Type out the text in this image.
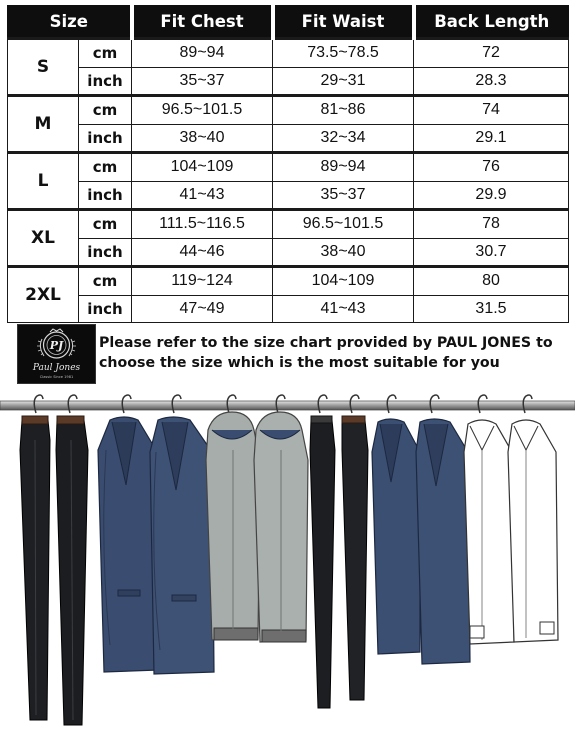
Size		Fit Chest	Fit Waist	Back Length
S	cm	89~94	73.5~78.5	72
	inch	35~37	29~31	28.3
M	cm	96.5~101.5	81~86	74
	inch	38~40	32~34	29.1
L	cm	104~109	89~94	76
	inch	41~43	35~37	29.9
XL	cm	111.5~116.5	96.5~101.5	78
	inch	44~46	38~40	30.7
2XL	cm	119~124	104~109	80
	inch	47~49	41~43	31.5
PJ
Paul Jones
Classic Since 1981
Please refer to the size chart provided by PAUL JONES to
choose the size which is the most suitable for you
